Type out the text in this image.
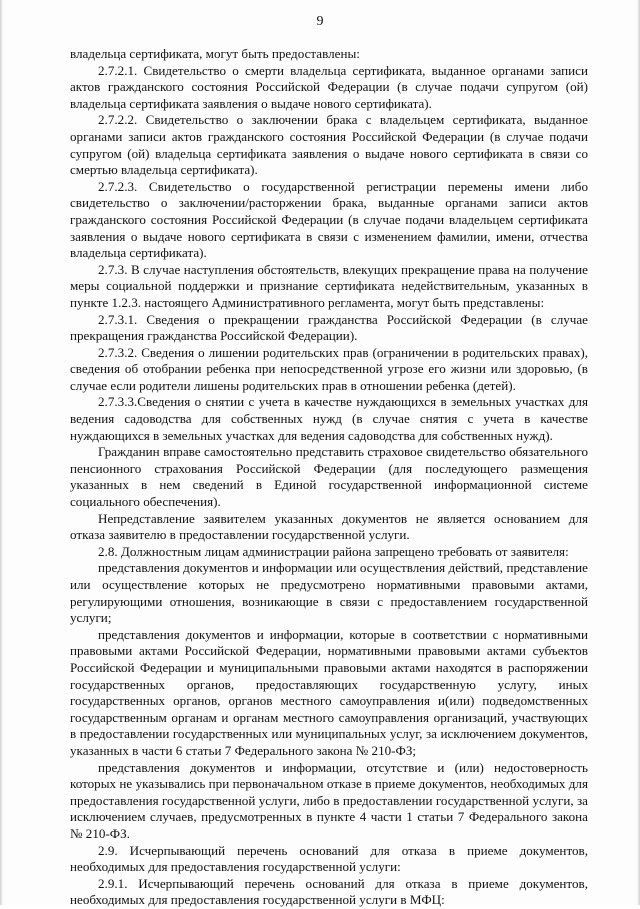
9

владельца сертификата, могут быть предоставлены:

2.7.2.1. Свидетельство о смерти владельца сертификата, выданное органами записи актов гражданского состояния Российской Федерации (в случае подачи супругом (ой) владельца сертификата заявления о выдаче нового сертификата).

2.7.2.2. Свидетельство о заключении брака с владельцем сертификата, выданное органами записи актов гражданского состояния Российской Федерации (в случае подачи супругом (ой) владельца сертификата заявления о выдаче нового сертификата в связи со смертью владельца сертификата).

2.7.2.3. Свидетельство о государственной регистрации перемены имени либо свидетельство о заключении/расторжении брака, выданные органами записи актов гражданского состояния Российской Федерации (в случае подачи владельцем сертификата заявления о выдаче нового сертификата в связи с изменением фамилии, имени, отчества владельца сертификата).

2.7.3. В случае наступления обстоятельств, влекущих прекращение права на получение меры социальной поддержки и признание сертификата недействительным, указанных в пункте 1.2.3. настоящего Административного регламента, могут быть представлены:

2.7.3.1. Сведения о прекращении гражданства Российской Федерации (в случае прекращения гражданства Российской Федерации).

2.7.3.2. Сведения о лишении родительских прав (ограничении в родительских правах), сведения об отобрании ребенка при непосредственной угрозе его жизни или здоровью, (в случае если родители лишены родительских прав в отношении ребенка (детей).

2.7.3.3.Сведения о снятии с учета в качестве нуждающихся в земельных участках для ведения садоводства для собственных нужд (в случае снятия с учета в качестве нуждающихся в земельных участках для ведения садоводства для собственных нужд).

Гражданин вправе самостоятельно представить страховое свидетельство обязательного пенсионного страхования Российской Федерации (для последующего размещения указанных в нем сведений в Единой государственной информационной системе социального обеспечения).

Непредставление заявителем указанных документов не является основанием для отказа заявителю в предоставлении государственной услуги.

2.8. Должностным лицам администрации района запрещено требовать от заявителя:

представления документов и информации или осуществления действий, представление или осуществление которых не предусмотрено нормативными правовыми актами, регулирующими отношения, возникающие в связи с предоставлением государственной услуги;

представления документов и информации, которые в соответствии с нормативными правовыми актами Российской Федерации, нормативными правовыми актами субъектов Российской Федерации и муниципальными правовыми актами находятся в распоряжении государственных органов, предоставляющих государственную услугу, иных государственных органов, органов местного самоуправления и(или) подведомственных государственным органам и органам местного самоуправления организаций, участвующих в предоставлении государственных или муниципальных услуг, за исключением документов, указанных в части 6 статьи 7 Федерального закона № 210-ФЗ;

представления документов и информации, отсутствие и (или) недостоверность которых не указывались при первоначальном отказе в приеме документов, необходимых для предоставления государственной услуги, либо в предоставлении государственной услуги, за исключением случаев, предусмотренных в пункте 4 части 1 статьи 7 Федерального закона № 210-ФЗ.

2.9. Исчерпывающий перечень оснований для отказа в приеме документов, необходимых для предоставления государственной услуги:

2.9.1. Исчерпывающий перечень оснований для отказа в приеме документов, необходимых для предоставления государственной услуги в МФЦ:
